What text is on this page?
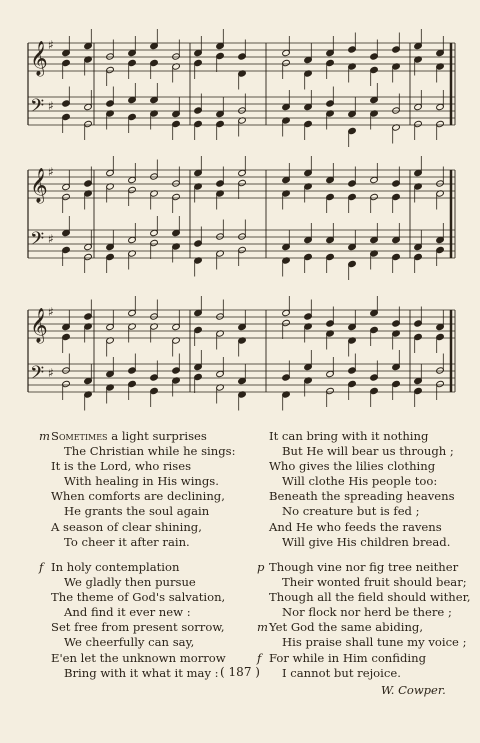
𝄞 ♯
𝄢 ♯
𝄞 ♯
𝄢 ♯
𝄞 ♯
𝄢 ♯
m Sometimes a light surprises
The Christian while he sings:
It is the Lord, who rises
With healing in His wings.
When comforts are declining,
He grants the soul again
A season of clear shining,
To cheer it after rain.
It can bring with it nothing
But He will bear us through ;
Who gives the lilies clothing
Will clothe His people too:
Beneath the spreading heavens
No creature but is fed ;
And He who feeds the ravens
Will give His children bread.
f In holy contemplation
We gladly then pursue
The theme of God's salvation,
And find it ever new :
Set free from present sorrow,
We cheerfully can say,
E'en let the unknown morrow
Bring with it what it may :
p Though vine nor fig tree neither
Their wonted fruit should bear;
Though all the field should wither,
Nor flock nor herd be there ;
m Yet God the same abiding,
His praise shall tune my voice ;
f For while in Him confiding
I cannot but rejoice.
( 187 )
W. Cowper.
